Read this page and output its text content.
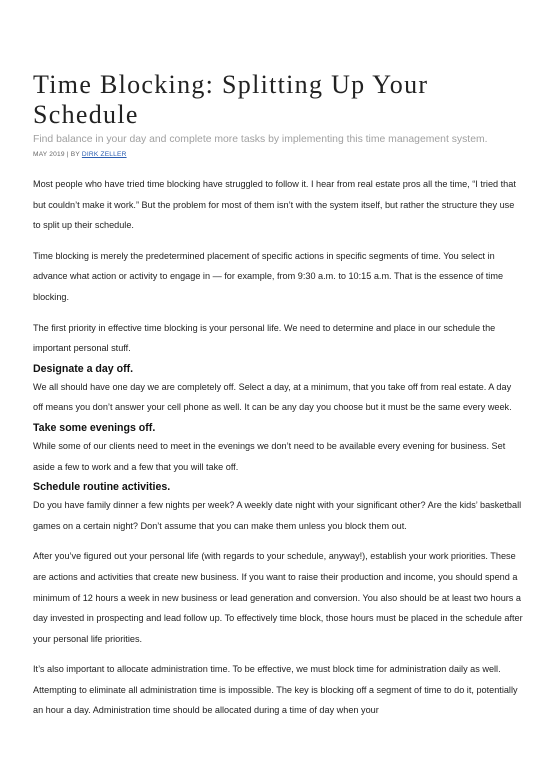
Time Blocking: Splitting Up Your Schedule
Find balance in your day and complete more tasks by implementing this time management system.
MAY 2019 | BY DIRK ZELLER

Most people who have tried time blocking have struggled to follow it. I hear from real estate pros all the time, “I tried that but couldn’t make it work.” But the problem for most of them isn’t with the system itself, but rather the structure they use to split up their schedule.

Time blocking is merely the predetermined placement of specific actions in specific segments of time. You select in advance what action or activity to engage in — for example, from 9:30 a.m. to 10:15 a.m. That is the essence of time blocking.

The first priority in effective time blocking is your personal life. We need to determine and place in our schedule the important personal stuff.

Designate a day off.

We all should have one day we are completely off. Select a day, at a minimum, that you take off from real estate. A day off means you don’t answer your cell phone as well. It can be any day you choose but it must be the same every week.

Take some evenings off.

While some of our clients need to meet in the evenings we don’t need to be available every evening for business. Set aside a few to work and a few that you will take off.

Schedule routine activities.

Do you have family dinner a few nights per week? A weekly date night with your significant other? Are the kids’ basketball games on a certain night? Don’t assume that you can make them unless you block them out.

After you’ve figured out your personal life (with regards to your schedule, anyway!), establish your work priorities. These are actions and activities that create new business. If you want to raise their production and income, you should spend a minimum of 12 hours a week in new business or lead generation and conversion. You also should be at least two hours a day invested in prospecting and lead follow up. To effectively time block, those hours must be placed in the schedule after your personal life priorities.

It’s also important to allocate administration time. To be effective, we must block time for administration daily as well. Attempting to eliminate all administration time is impossible. The key is blocking off a segment of time to do it, potentially an hour a day. Administration time should be allocated during a time of day when your
